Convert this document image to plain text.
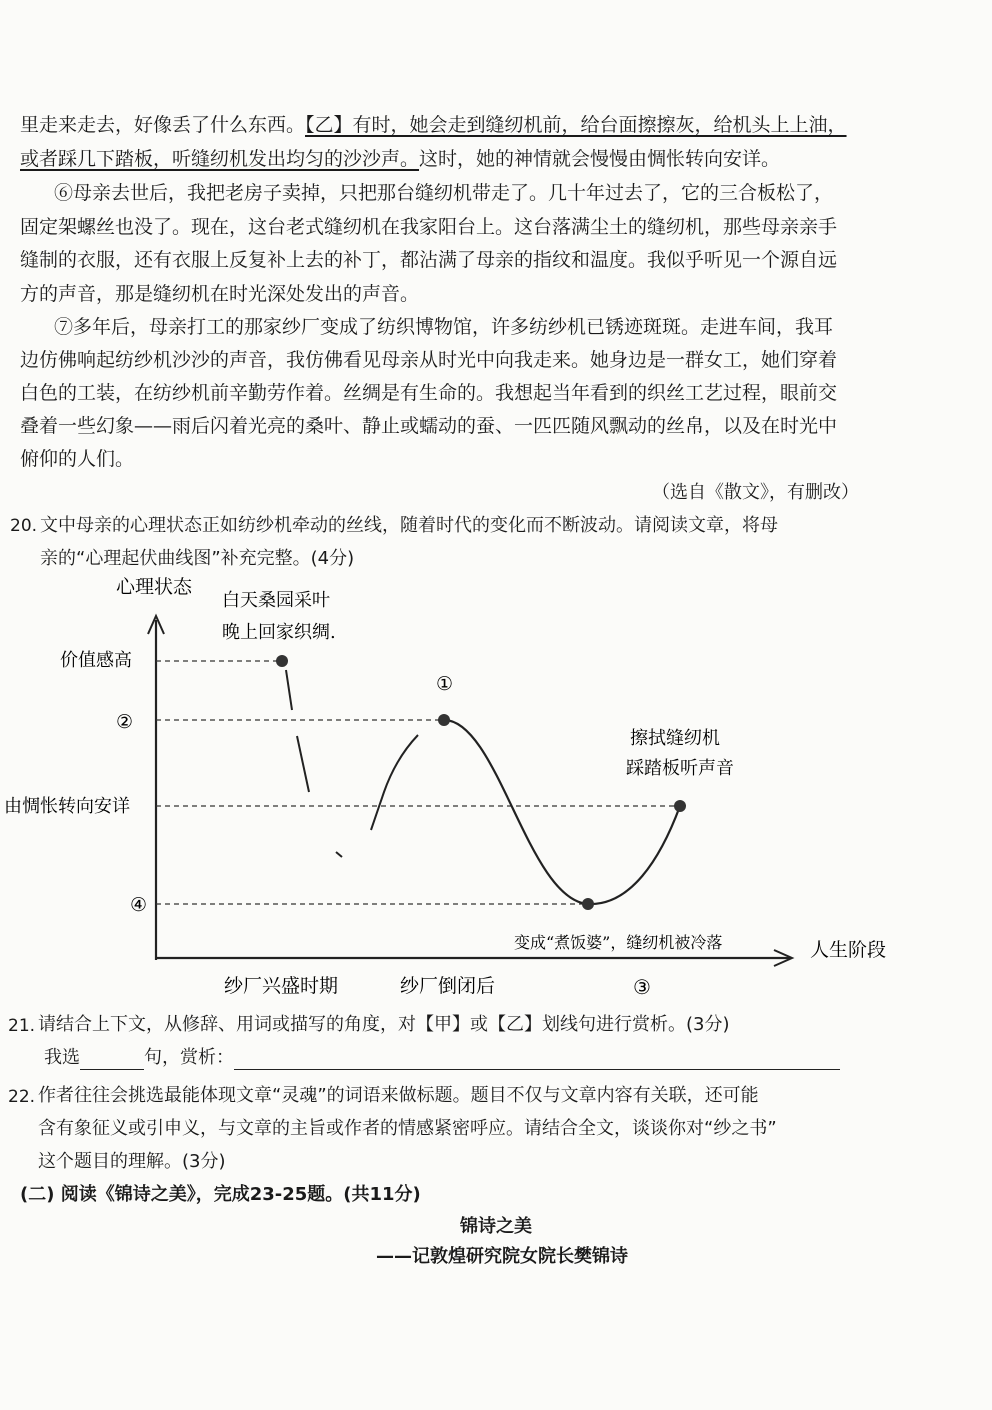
里走来走去，好像丢了什么东西。【乙】有时，她会走到缝纫机前，给台面擦擦灰，给机头上上油，
或者踩几下踏板，听缝纫机发出均匀的沙沙声。这时，她的神情就会慢慢由惆怅转向安详。
⑥母亲去世后，我把老房子卖掉，只把那台缝纫机带走了。几十年过去了，它的三合板松了，
固定架螺丝也没了。现在，这台老式缝纫机在我家阳台上。这台落满尘土的缝纫机，那些母亲亲手
缝制的衣服，还有衣服上反复补上去的补丁，都沾满了母亲的指纹和温度。我似乎听见一个源自远
方的声音，那是缝纫机在时光深处发出的声音。
⑦多年后，母亲打工的那家纱厂变成了纺织博物馆，许多纺纱机已锈迹斑斑。走进车间，我耳
边仿佛响起纺纱机沙沙的声音，我仿佛看见母亲从时光中向我走来。她身边是一群女工，她们穿着
白色的工装，在纺纱机前辛勤劳作着。丝绸是有生命的。我想起当年看到的织丝工艺过程，眼前交
叠着一些幻象——雨后闪着光亮的桑叶、静止或蠕动的蚕、一匹匹随风飘动的丝帛，以及在时光中
俯仰的人们。
（选自《散文》，有删改）
20. 文中母亲的心理状态正如纺纱机牵动的丝线，随着时代的变化而不断波动。请阅读文章，将母
亲的“心理起伏曲线图”补充完整。(4分)
心理状态
人生阶段
价值感高
②
由惆怅转向安详
④
白天桑园采叶
晚上回家织绸.
①
擦拭缝纫机
踩踏板听声音
变成“煮饭婆”，缝纫机被冷落
纱厂兴盛时期	纱厂倒闭后	③
21. 请结合上下文，从修辞、用词或描写的角度，对【甲】或【乙】划线句进行赏析。(3分)
我选	句，赏析：
22. 作者往往会挑选最能体现文章“灵魂”的词语来做标题。题目不仅与文章内容有关联，还可能
含有象征义或引申义，与文章的主旨或作者的情感紧密呼应。请结合全文，谈谈你对“纱之书”
这个题目的理解。(3分)
(二) 阅读《锦诗之美》，完成23-25题。(共11分)
锦诗之美
——记敦煌研究院女院长樊锦诗
